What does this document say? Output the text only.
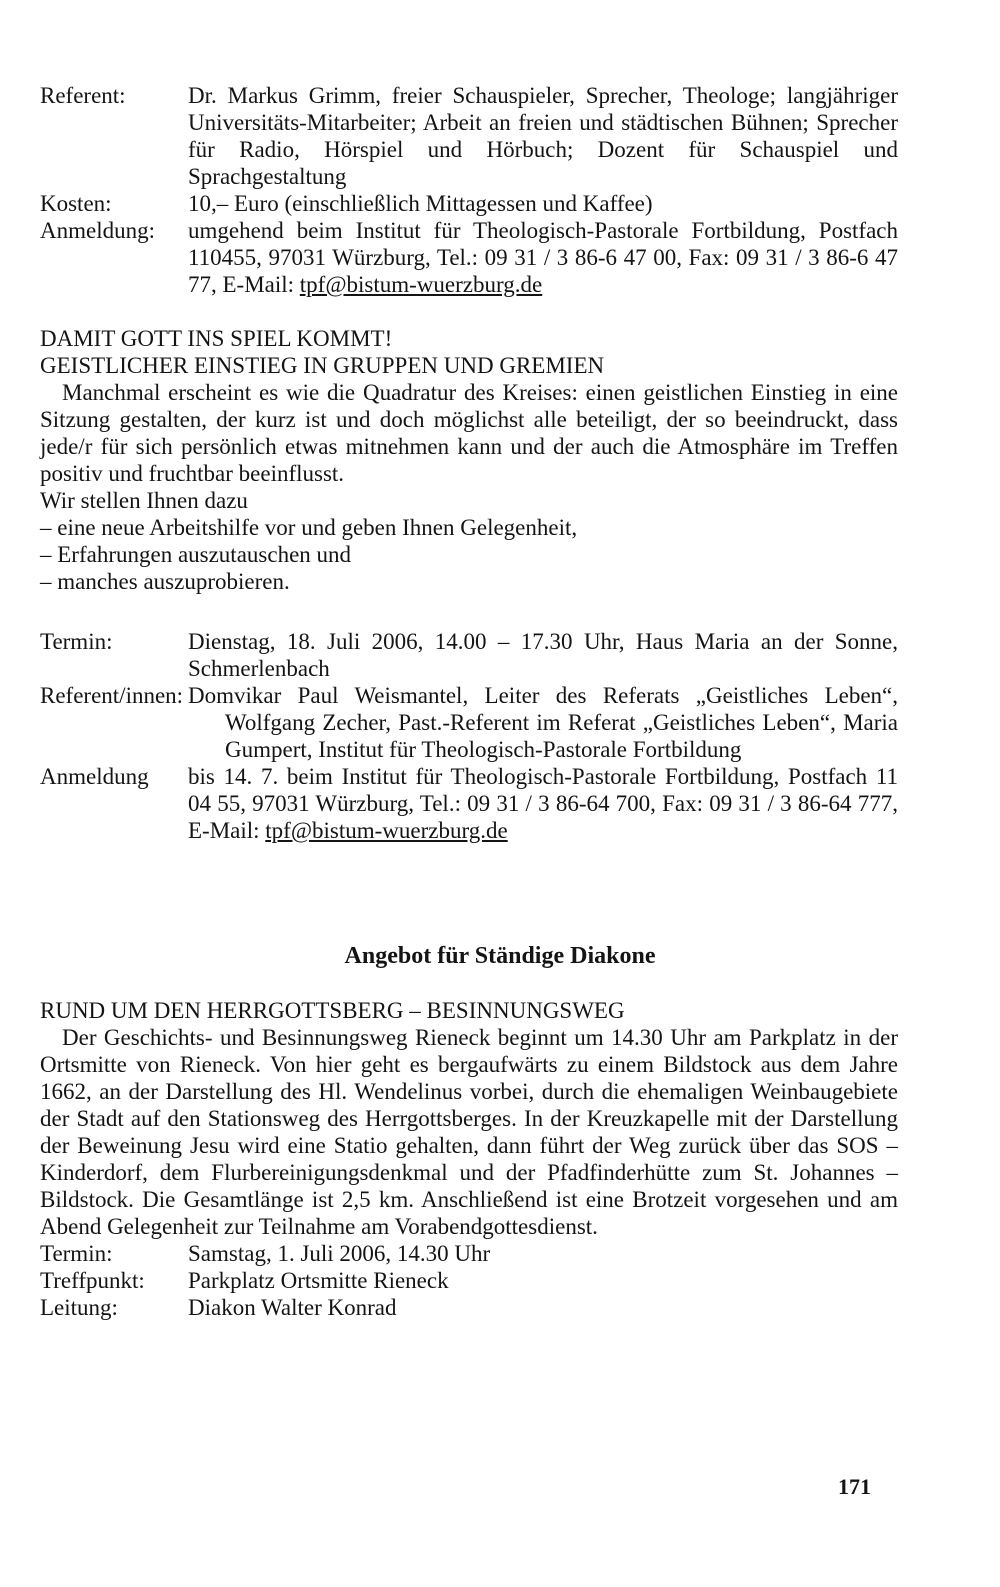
Referent:	Dr. Markus Grimm, freier Schauspieler, Sprecher, Theologe; langjähriger Universitäts-Mitarbeiter; Arbeit an freien und städtischen Bühnen; Sprecher für Radio, Hörspiel und Hörbuch; Dozent für Schauspiel und Sprachgestaltung
Kosten:	10,– Euro (einschließlich Mittagessen und Kaffee)
Anmeldung:	umgehend beim Institut für Theologisch-Pastorale Fortbildung, Postfach 110455, 97031 Würzburg, Tel.: 09 31 / 3 86-6 47 00, Fax: 09 31 / 3 86-6 47 77, E-Mail: tpf@bistum-wuerzburg.de
DAMIT GOTT INS SPIEL KOMMT!
GEISTLICHER EINSTIEG IN GRUPPEN UND GREMIEN
Manchmal erscheint es wie die Quadratur des Kreises: einen geistlichen Einstieg in eine Sitzung gestalten, der kurz ist und doch möglichst alle beteiligt, der so beeindruckt, dass jede/r für sich persönlich etwas mitnehmen kann und der auch die Atmosphäre im Treffen positiv und fruchtbar beeinflusst.
Wir stellen Ihnen dazu
– eine neue Arbeitshilfe vor und geben Ihnen Gelegenheit,
– Erfahrungen auszutauschen und
– manches auszuprobieren.
Termin:	Dienstag, 18. Juli 2006, 14.00 – 17.30 Uhr, Haus Maria an der Sonne, Schmerlenbach
Referent/innen: Domvikar Paul Weismantel, Leiter des Referats „Geistliches Leben“, Wolfgang Zecher, Past.-Referent im Referat „Geistliches Leben“, Maria Gumpert, Institut für Theologisch-Pastorale Fortbildung
Anmeldung	bis 14. 7. beim Institut für Theologisch-Pastorale Fortbildung, Postfach 11 04 55, 97031 Würzburg, Tel.: 09 31 / 3 86-64 700, Fax: 09 31 / 3 86-64 777, E-Mail: tpf@bistum-wuerzburg.de
Angebot für Ständige Diakone
RUND UM DEN HERRGOTTSBERG – BESINNUNGSWEG
Der Geschichts- und Besinnungsweg Rieneck beginnt um 14.30 Uhr am Parkplatz in der Ortsmitte von Rieneck. Von hier geht es bergaufwärts zu einem Bildstock aus dem Jahre 1662, an der Darstellung des Hl. Wendelinus vorbei, durch die ehemaligen Weinbaugebiete der Stadt auf den Stationsweg des Herrgottsberges. In der Kreuzkapelle mit der Darstellung der Beweinung Jesu wird eine Statio gehalten, dann führt der Weg zurück über das SOS – Kinderdorf, dem Flurbereinigungsdenkmal und der Pfadfinderhütte zum St. Johannes – Bildstock. Die Gesamtlänge ist 2,5 km. Anschließend ist eine Brotzeit vorgesehen und am Abend Gelegenheit zur Teilnahme am Vorabendgottesdienst.
Termin:	Samstag, 1. Juli 2006, 14.30 Uhr
Treffpunkt:	Parkplatz Ortsmitte Rieneck
Leitung:	Diakon Walter Konrad
171
